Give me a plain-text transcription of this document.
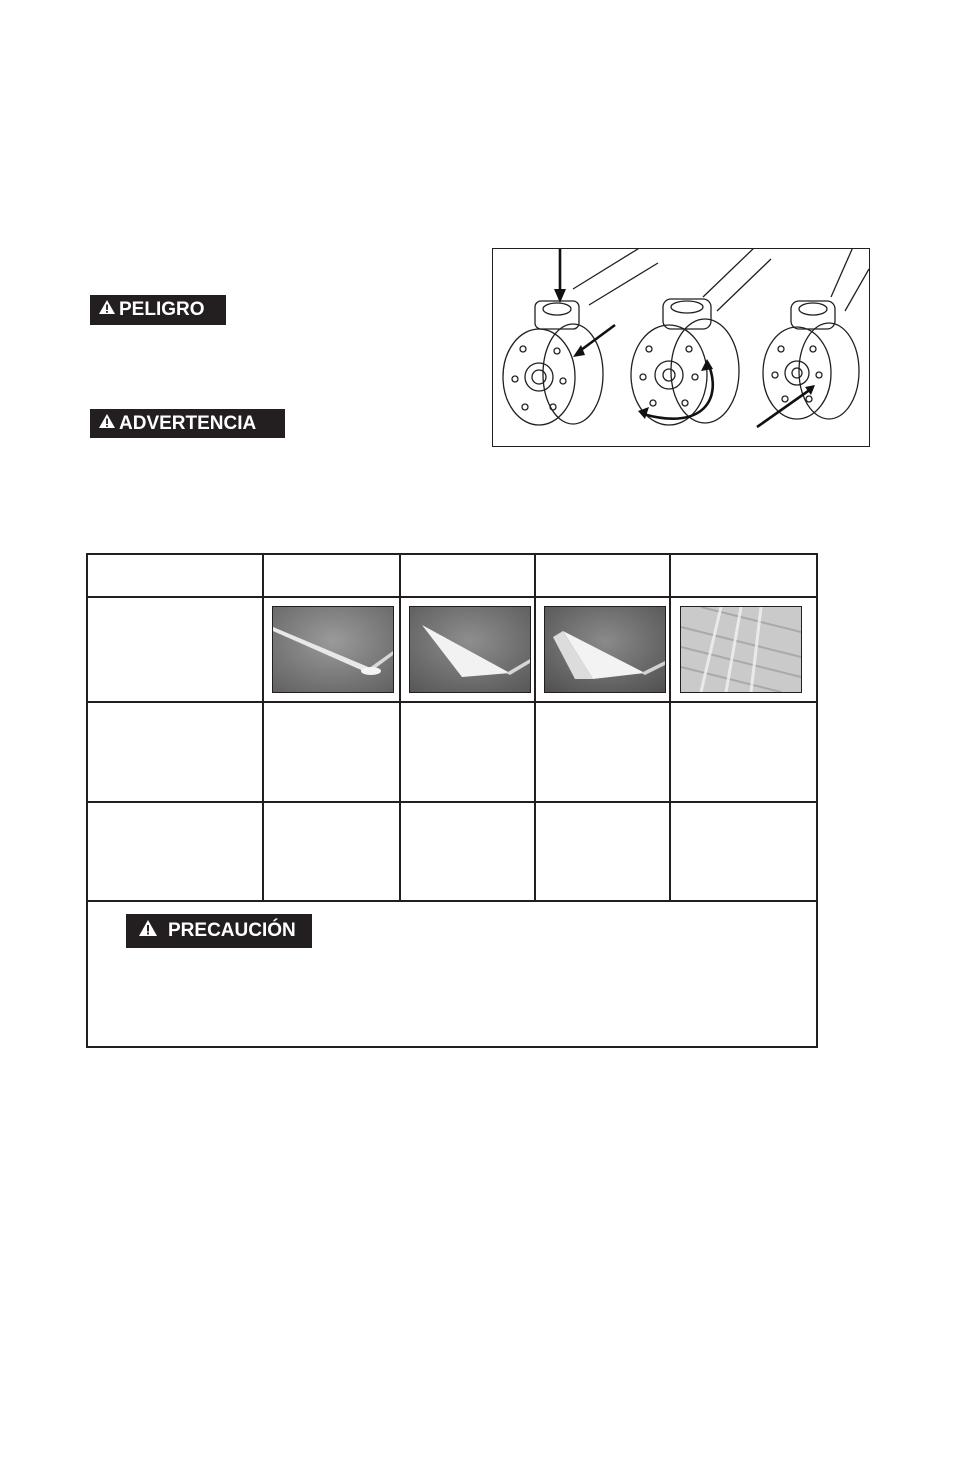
PELIGRO
ADVERTENCIA
PRECAUCIÓN
